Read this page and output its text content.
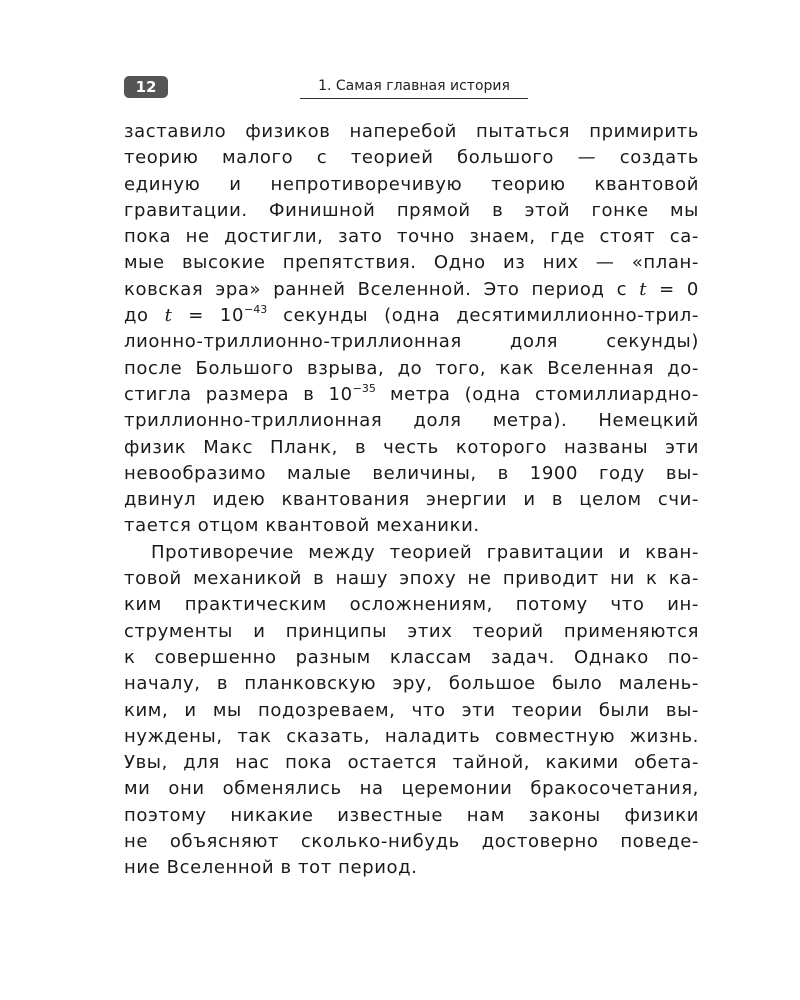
12	1. Самая главная история
заставило физиков наперебой пытаться примирить
теорию малого с теорией большого — создать
единую и непротиворечивую теорию квантовой
гравитации. Финишной прямой в этой гонке мы
пока не достигли, зато точно знаем, где стоят са-
мые высокие препятствия. Одно из них — «план-
ковская эра» ранней Вселенной. Это период с t = 0
до $t = 10^{-43}$ секунды (одна десятимиллионно-трил-
лионно-триллионно-триллионная доля секунды)
после Большого взрыва, до того, как Вселенная до-
стигла размера в $10^{-35}$ метра (одна стомиллиардно-
триллионно-триллионная доля метра). Немецкий
физик Макс Планк, в честь которого названы эти
невообразимо малые величины, в 1900 году вы-
двинул идею квантования энергии и в целом счи-
тается отцом квантовой механики.
Противоречие между теорией гравитации и кван-
товой механикой в нашу эпоху не приводит ни к ка-
ким практическим осложнениям, потому что ин-
струменты и принципы этих теорий применяются
к совершенно разным классам задач. Однако по-
началу, в планковскую эру, большое было малень-
ким, и мы подозреваем, что эти теории были вы-
нуждены, так сказать, наладить совместную жизнь.
Увы, для нас пока остается тайной, какими обета-
ми они обменялись на церемонии бракосочетания,
поэтому никакие известные нам законы физики
не объясняют сколько-нибудь достоверно поведе-
ние Вселенной в тот период.
